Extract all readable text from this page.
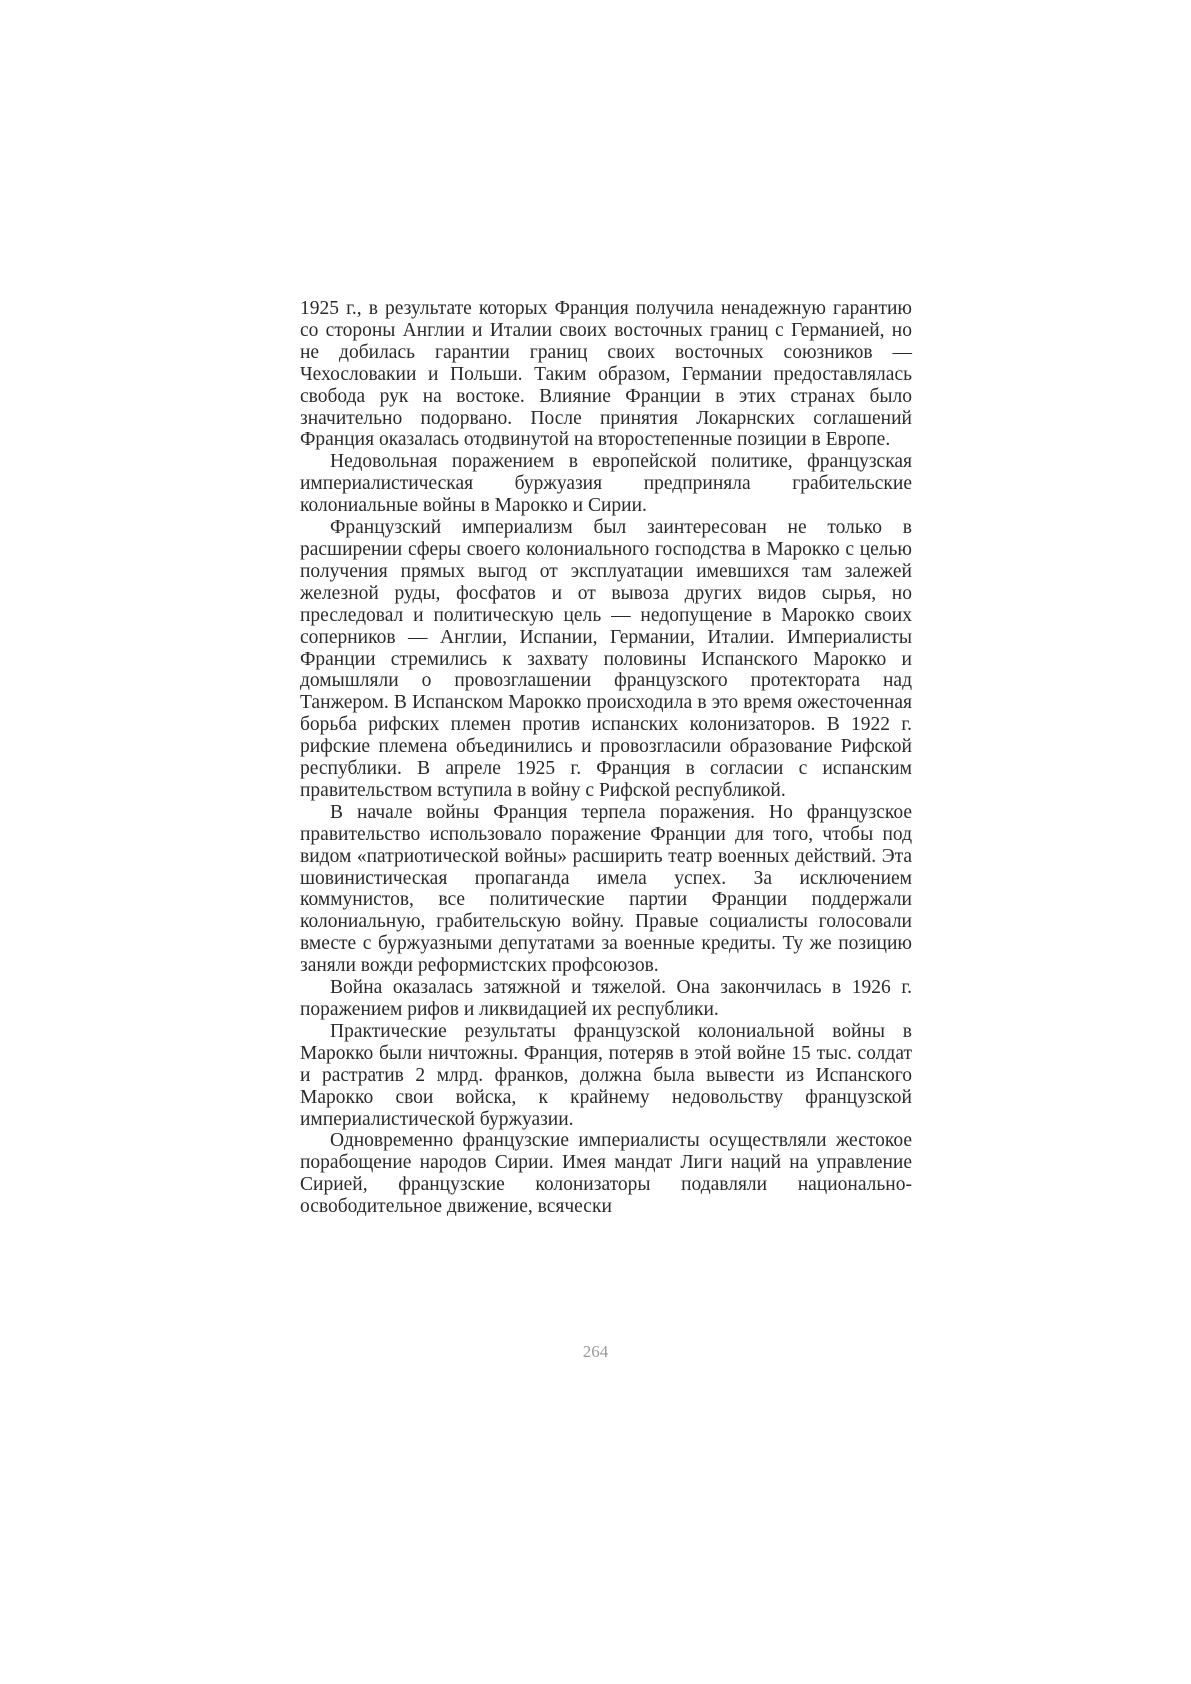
1925 г., в результате которых Франция получила ненадежную гарантию со стороны Англии и Италии своих восточных границ с Германией, но не добилась гарантии границ своих восточных союзников — Чехословакии и Польши. Таким образом, Германии предоставлялась свобода рук на востоке. Влияние Франции в этих странах было значительно подорвано. После принятия Локарнских соглашений Франция оказалась отодвинутой на второстепенные позиции в Европе.

Недовольная поражением в европейской политике, французская империалистическая буржуазия предприняла грабительские колониальные войны в Марокко и Сирии.

Французский империализм был заинтересован не только в расширении сферы своего колониального господства в Марокко с целью получения прямых выгод от эксплуатации имевшихся там залежей железной руды, фосфатов и от вывоза других видов сырья, но преследовал и политическую цель — недопущение в Марокко своих соперников — Англии, Испании, Германии, Италии. Империалисты Франции стремились к захвату половины Испанского Марокко и домышляли о провозглашении французского протектората над Танжером. В Испанском Марокко происходила в это время ожесточенная борьба рифских племен против испанских колонизаторов. В 1922 г. рифские племена объединились и провозгласили образование Рифской республики. В апреле 1925 г. Франция в согласии с испанским правительством вступила в войну с Рифской республикой.

В начале войны Франция терпела поражения. Но французское правительство использовало поражение Франции для того, чтобы под видом «патриотической войны» расширить театр военных действий. Эта шовинистическая пропаганда имела успех. За исключением коммунистов, все политические партии Франции поддержали колониальную, грабительскую войну. Правые социалисты голосовали вместе с буржуазными депутатами за военные кредиты. Ту же позицию заняли вожди реформистских профсоюзов.

Война оказалась затяжной и тяжелой. Она закончилась в 1926 г. поражением рифов и ликвидацией их республики.

Практические результаты французской колониальной войны в Марокко были ничтожны. Франция, потеряв в этой войне 15 тыс. солдат и растратив 2 млрд. франков, должна была вывести из Испанского Марокко свои войска, к крайнему недовольству французской империалистической буржуазии.

Одновременно французские империалисты осуществляли жестокое порабощение народов Сирии. Имея мандат Лиги наций на управление Сирией, французские колонизаторы подавляли национально-освободительное движение, всячески

264
